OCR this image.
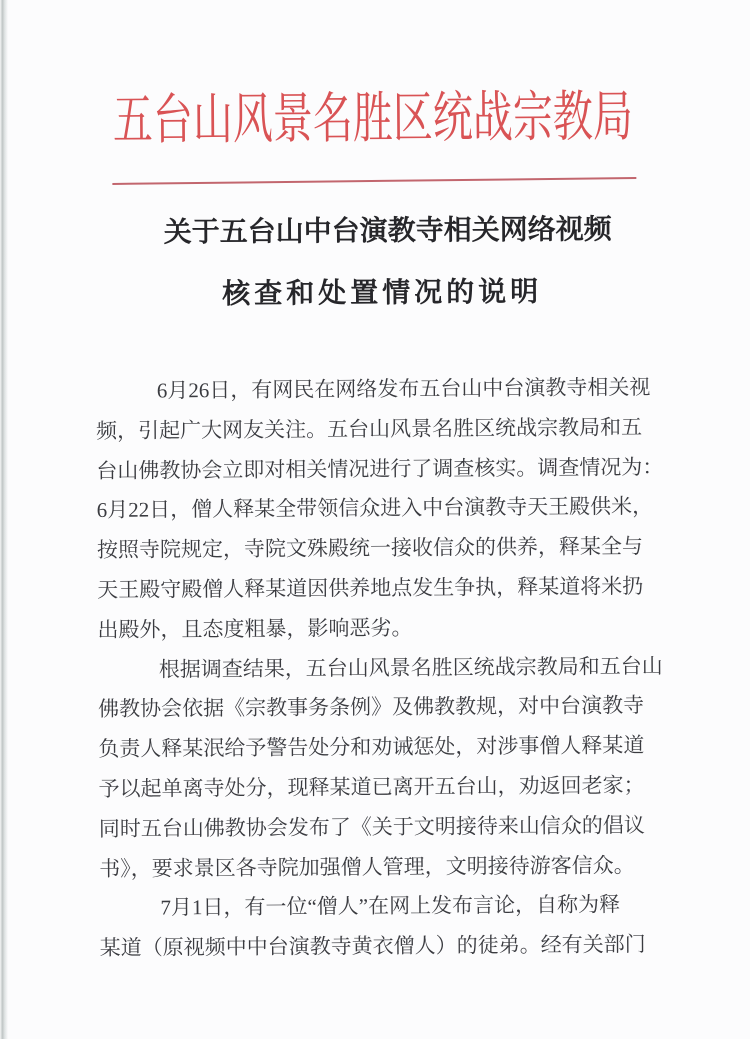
五台山风景名胜区统战宗教局
关于五台山中台演教寺相关网络视频
核查和处置情况的说明
6月26日，有网民在网络发布五台山中台演教寺相关视
频，引起广大网友关注。五台山风景名胜区统战宗教局和五
台山佛教协会立即对相关情况进行了调查核实。调查情况为：
6月22日，僧人释某全带领信众进入中台演教寺天王殿供米，
按照寺院规定，寺院文殊殿统一接收信众的供养，释某全与
天王殿守殿僧人释某道因供养地点发生争执，释某道将米扔
出殿外，且态度粗暴，影响恶劣。
根据调查结果，五台山风景名胜区统战宗教局和五台山
佛教协会依据《宗教事务条例》及佛教教规，对中台演教寺
负责人释某泯给予警告处分和劝诫惩处，对涉事僧人释某道
予以起单离寺处分，现释某道已离开五台山，劝返回老家；
同时五台山佛教协会发布了《关于文明接待来山信众的倡议
书》，要求景区各寺院加强僧人管理，文明接待游客信众。
7月1日，有一位“僧人”在网上发布言论，自称为释
某道（原视频中中台演教寺黄衣僧人）的徒弟。经有关部门
